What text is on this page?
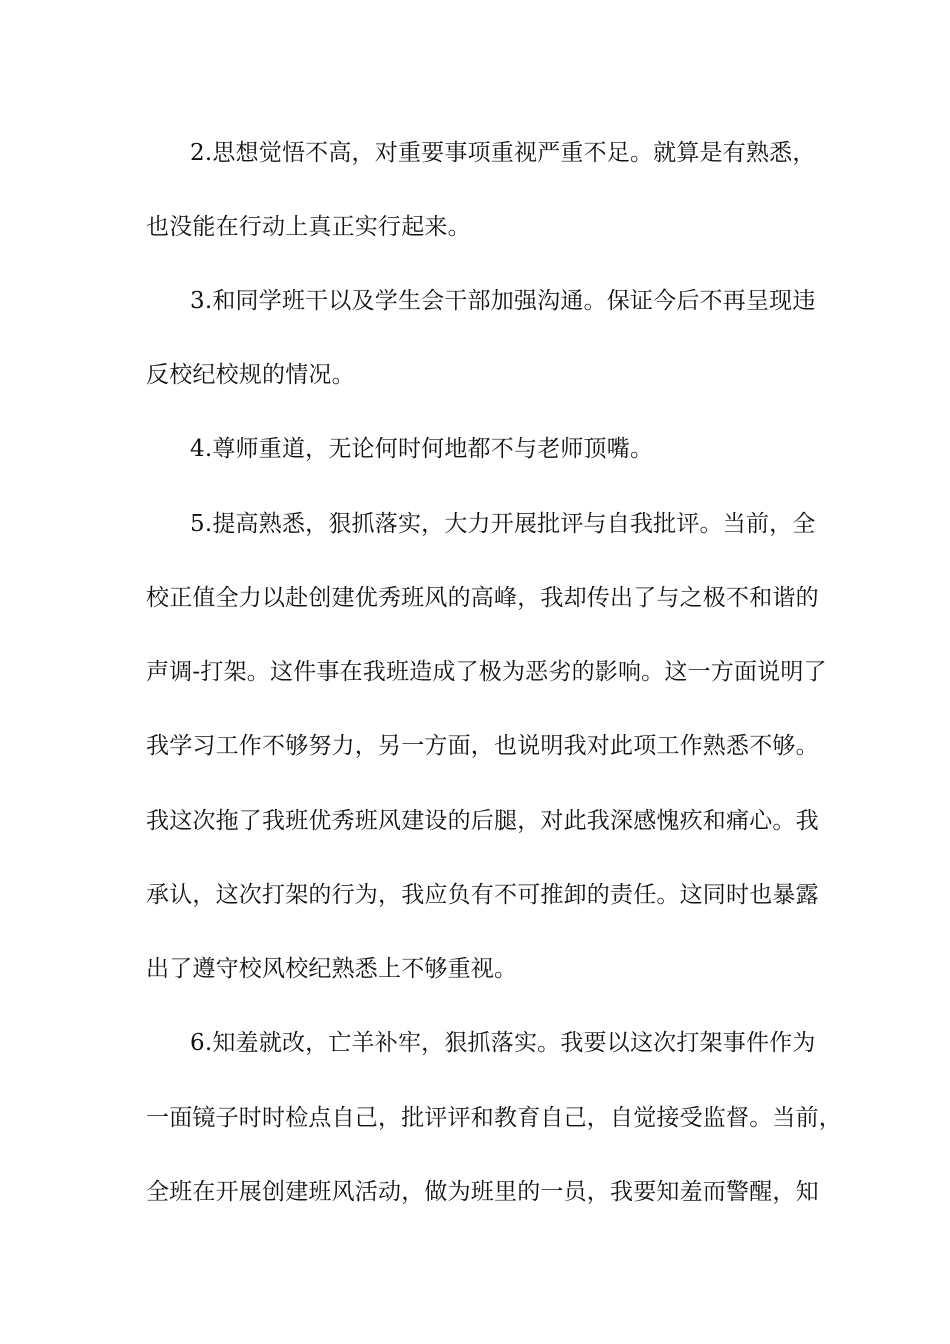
2.思想觉悟不高，对重要事项重视严重不足。就算是有熟悉，
也没能在行动上真正实行起来。
3.和同学班干以及学生会干部加强沟通。保证今后不再呈现违
反校纪校规的情况。
4.尊师重道，无论何时何地都不与老师顶嘴。
5.提高熟悉，狠抓落实，大力开展批评与自我批评。当前，全
校正值全力以赴创建优秀班风的高峰，我却传出了与之极不和谐的
声调-打架。这件事在我班造成了极为恶劣的影响。这一方面说明了
我学习工作不够努力，另一方面，也说明我对此项工作熟悉不够。
我这次拖了我班优秀班风建设的后腿，对此我深感愧疚和痛心。我
承认，这次打架的行为，我应负有不可推卸的责任。这同时也暴露
出了遵守校风校纪熟悉上不够重视。
6.知羞就改，亡羊补牢，狠抓落实。我要以这次打架事件作为
一面镜子时时检点自己，批评评和教育自己，自觉接受监督。当前，
全班在开展创建班风活动，做为班里的一员，我要知羞而警醒，知
